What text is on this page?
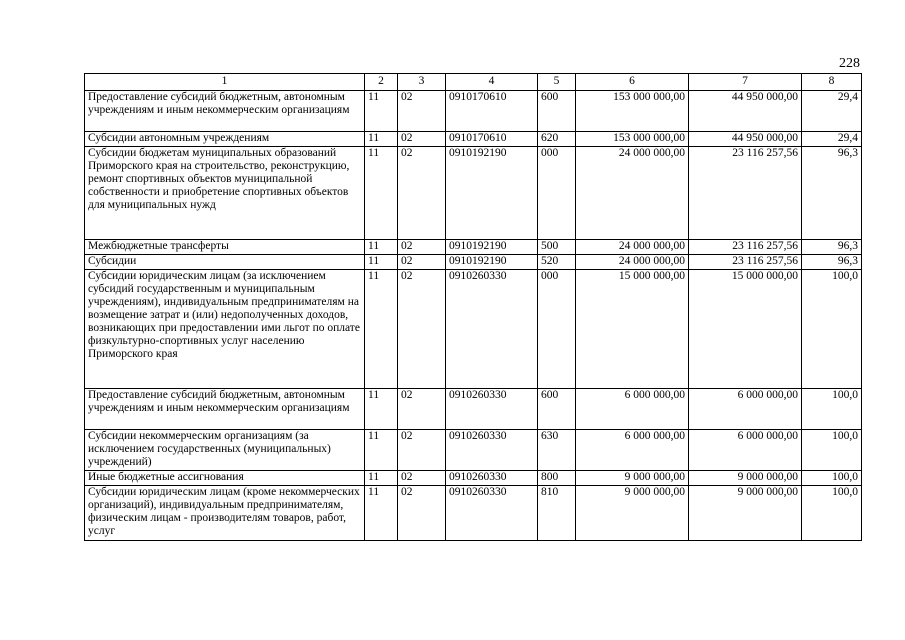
228
1	2	3	4	5	6	7	8
Предоставление субсидий бюджетным, автономным учреждениям и иным некоммерческим организациям	11	02	0910170610	600	153 000 000,00	44 950 000,00	29,4
Субсидии автономным учреждениям	11	02	0910170610	620	153 000 000,00	44 950 000,00	29,4
Субсидии бюджетам муниципальных образований Приморского края на строительство, реконструкцию, ремонт спортивных объектов муниципальной собственности и приобретение спортивных объектов для муниципальных нужд	11	02	0910192190	000	24 000 000,00	23 116 257,56	96,3
Межбюджетные трансферты	11	02	0910192190	500	24 000 000,00	23 116 257,56	96,3
Субсидии	11	02	0910192190	520	24 000 000,00	23 116 257,56	96,3
Субсидии юридическим лицам (за исключением субсидий государственным и муниципальным учреждениям), индивидуальным предпринимателям на возмещение затрат и (или) недополученных доходов, возникающих при предоставлении ими льгот по оплате физкультурно-спортивных услуг населению Приморского края	11	02	0910260330	000	15 000 000,00	15 000 000,00	100,0
Предоставление субсидий бюджетным, автономным учреждениям и иным некоммерческим организациям	11	02	0910260330	600	6 000 000,00	6 000 000,00	100,0
Субсидии некоммерческим организациям (за исключением государственных (муниципальных) учреждений)	11	02	0910260330	630	6 000 000,00	6 000 000,00	100,0
Иные бюджетные ассигнования	11	02	0910260330	800	9 000 000,00	9 000 000,00	100,0
Субсидии юридическим лицам (кроме некоммерческих организаций), индивидуальным предпринимателям, физическим лицам - производителям товаров, работ, услуг	11	02	0910260330	810	9 000 000,00	9 000 000,00	100,0
